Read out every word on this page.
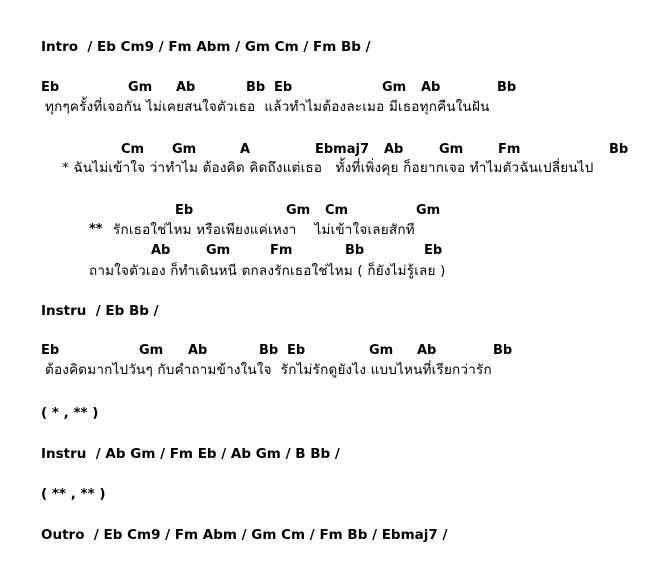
Intro  / Eb Cm9 / Fm Abm / Gm Cm / Fm Bb /
Eb	Gm Ab	Bb Eb	Gm Ab	Bb
ทุกๆครั้งที่เจอกัน ไม่เคยสนใจตัวเธอ  แล้วทำไมต้องละเมอ มีเธอทุกคืนในฝัน
Cm Gm	A	Ebmaj7 Ab	Gm	Fm	Bb
* ฉันไม่เข้าใจ ว่าทำไม ต้องคิด คิดถึงแต่เธอ   ทั้งที่เพิ่งคุย ก็อยากเจอ ทำไมตัวฉันเปลี่ยนไป
Eb	Gm Cm	Gm
** รักเธอใช่ไหม หรือเพียงแค่เหงา    ไม่เข้าใจเลยสักที
Ab	Gm	Fm	Bb	Eb
ถามใจตัวเอง ก็ทำเดินหนี ตกลงรักเธอใช่ไหม ( ก็ยังไม่รู้เลย )
Instru  / Eb Bb /
Eb	Gm Ab	Bb Eb	Gm Ab	Bb
ต้องคิดมากไปวันๆ กับคำถามข้างในใจ  รักไม่รักดูยังไง แบบไหนที่เรียกว่ารัก
( * , ** )
Instru  / Ab Gm / Fm Eb / Ab Gm / B Bb /
( ** , ** )
Outro  / Eb Cm9 / Fm Abm / Gm Cm / Fm Bb / Ebmaj7 /
